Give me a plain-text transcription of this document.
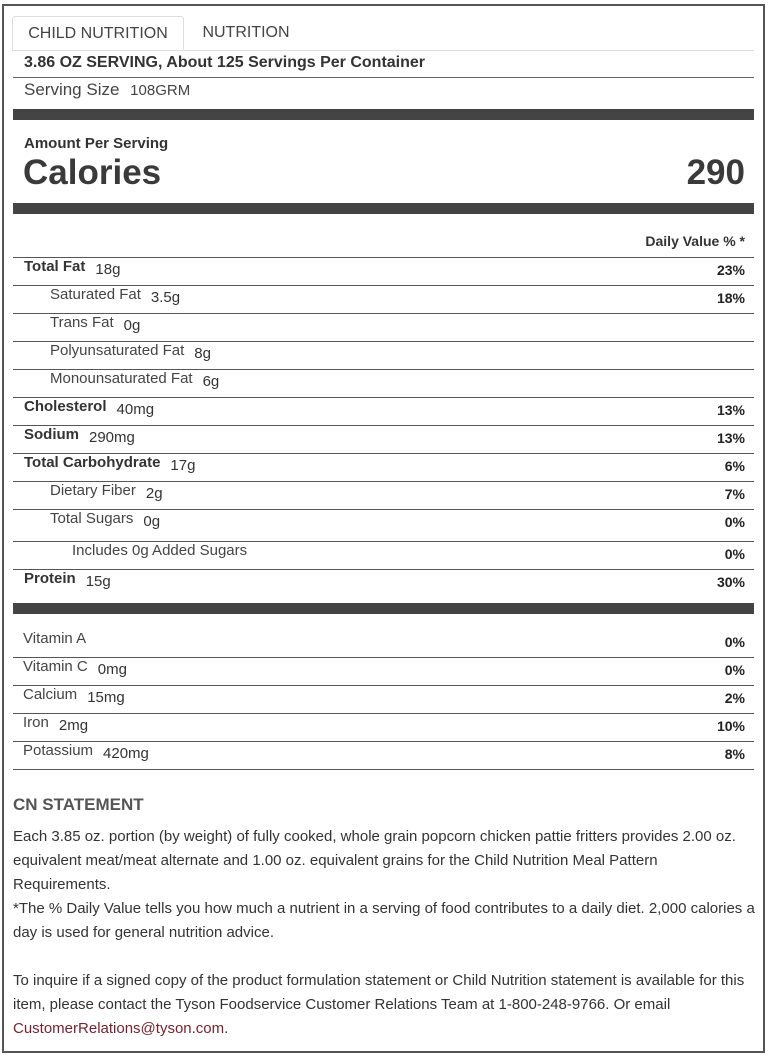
CHILD NUTRITION	NUTRITION
3.86 OZ SERVING, About 125 Servings Per Container
Serving Size 108GRM
Amount Per Serving
Calories	290
Daily Value % *
Total Fat 18g	23%
Saturated Fat 3.5g	18%
Trans Fat 0g
Polyunsaturated Fat 8g
Monounsaturated Fat 6g
Cholesterol 40mg	13%
Sodium 290mg	13%
Total Carbohydrate 17g	6%
Dietary Fiber 2g	7%
Total Sugars 0g	0%
Includes 0g Added Sugars	0%
Protein 15g	30%
Vitamin A	0%
Vitamin C 0mg	0%
Calcium 15mg	2%
Iron 2mg	10%
Potassium 420mg	8%
CN STATEMENT
Each 3.85 oz. portion (by weight) of fully cooked, whole grain popcorn chicken pattie fritters provides 2.00 oz. equivalent meat/meat alternate and 1.00 oz. equivalent grains for the Child Nutrition Meal Pattern Requirements.
*The % Daily Value tells you how much a nutrient in a serving of food contributes to a daily diet. 2,000 calories a day is used for general nutrition advice.
To inquire if a signed copy of the product formulation statement or Child Nutrition statement is available for this item, please contact the Tyson Foodservice Customer Relations Team at 1-800-248-9766. Or email CustomerRelations@tyson.com.
